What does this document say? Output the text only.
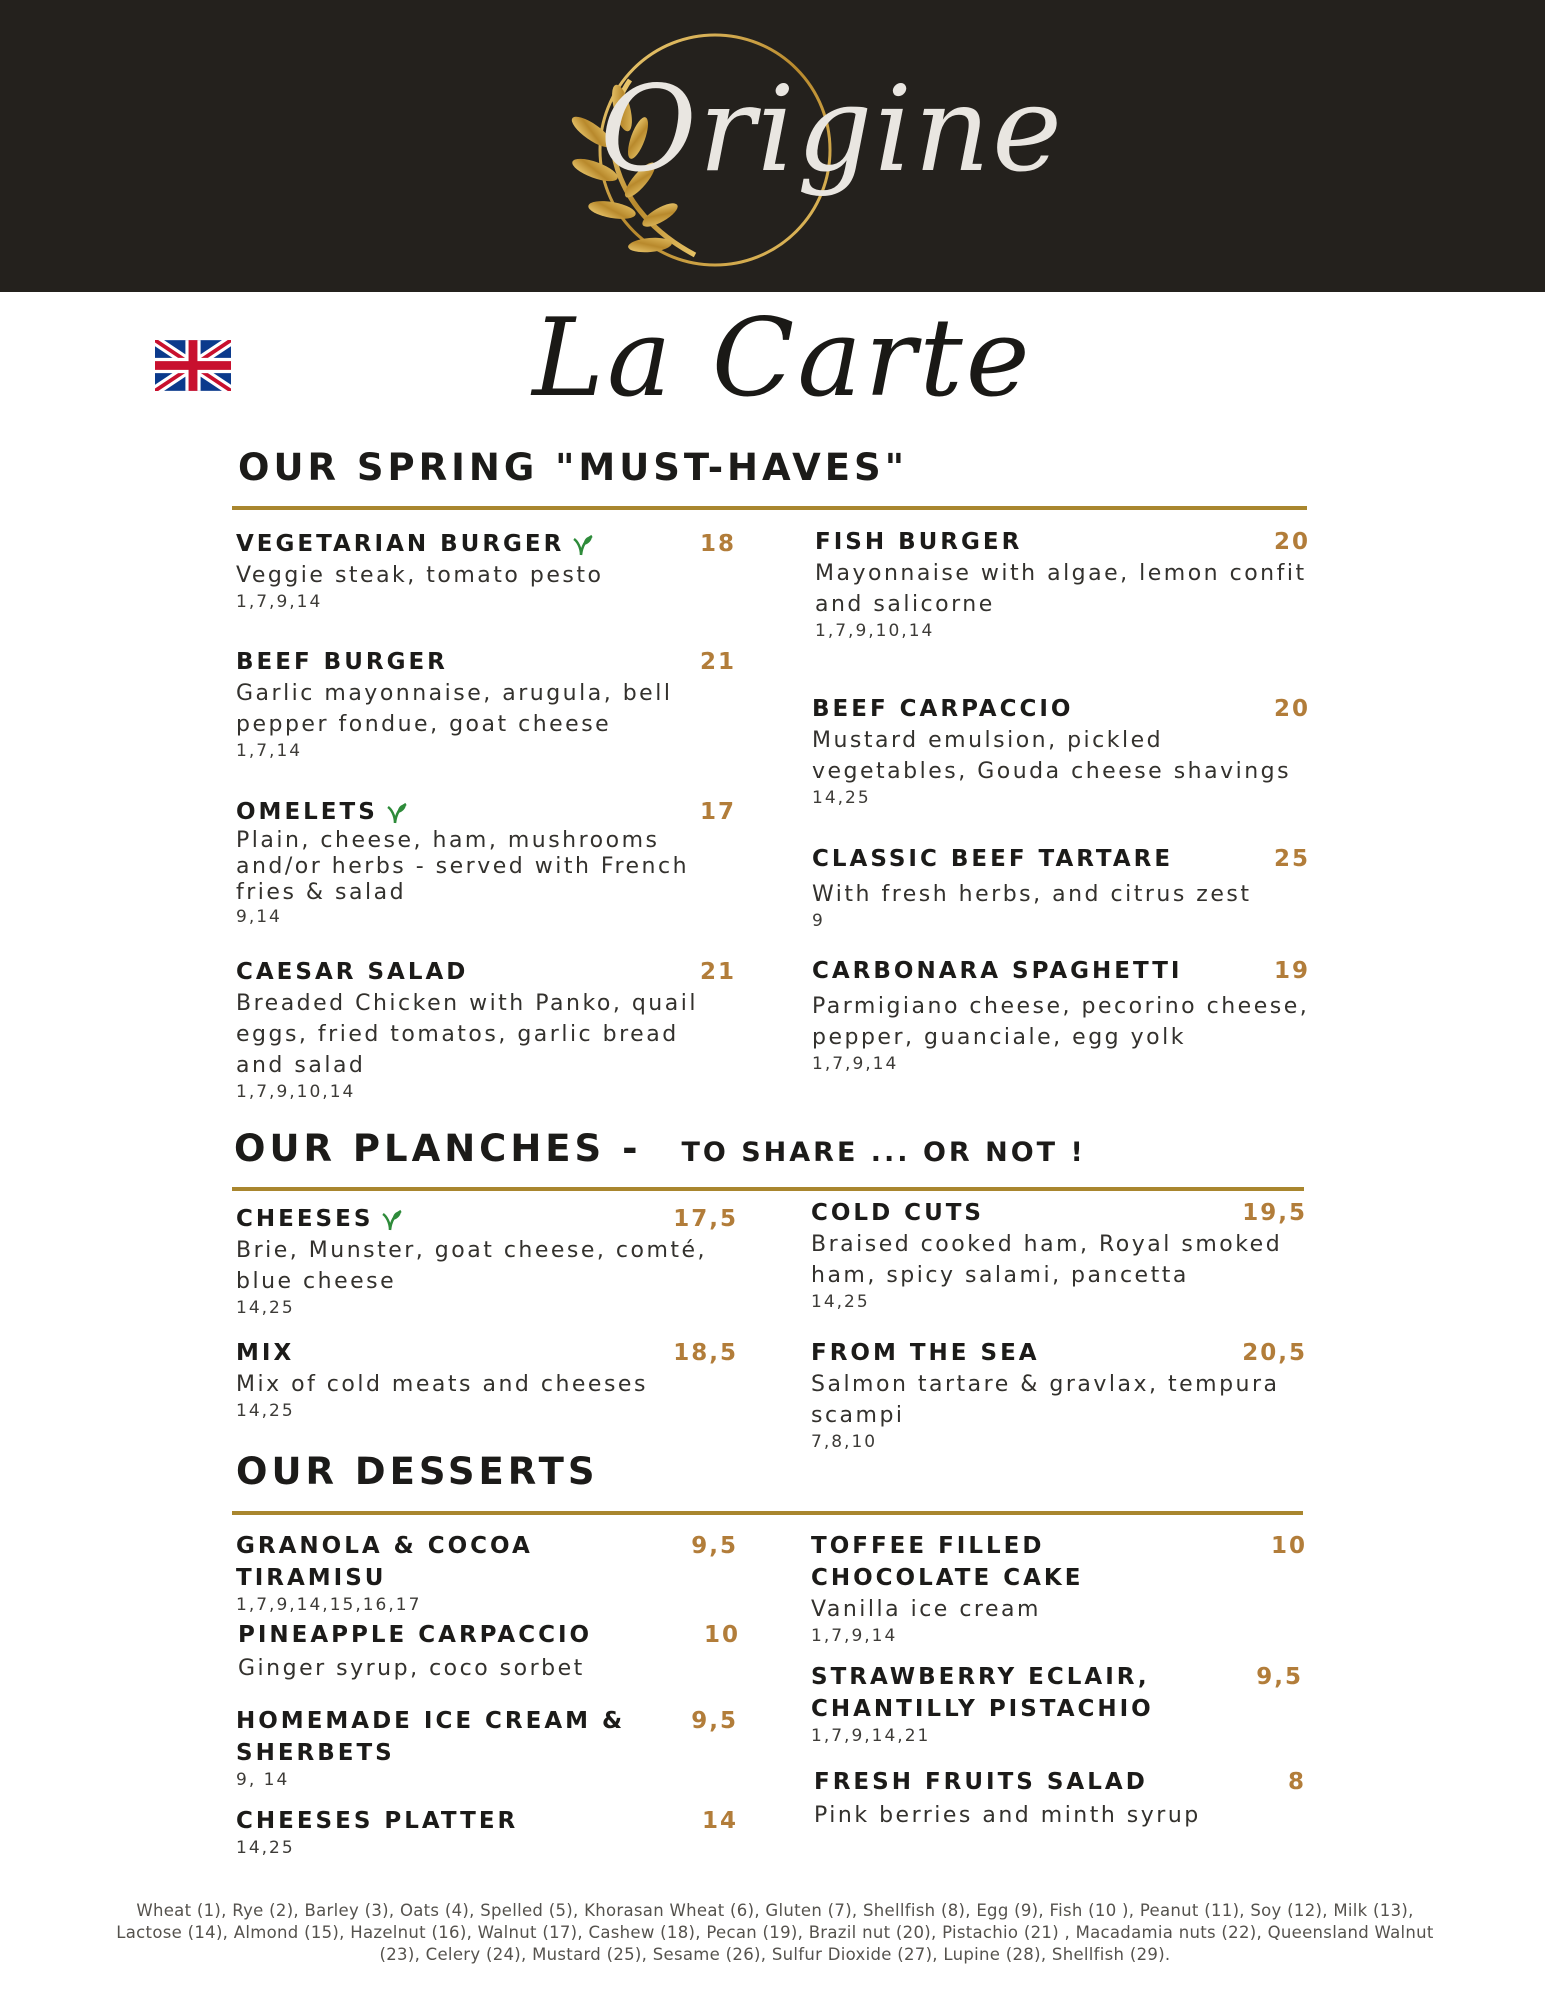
Origine
La Carte
OUR SPRING "MUST-HAVES"
VEGETARIAN BURGER	18
Veggie steak, tomato pesto
1,7,9,14
BEEF BURGER	21
Garlic mayonnaise, arugula, bell pepper fondue, goat cheese
1,7,14
OMELETS	17
Plain, cheese, ham, mushrooms and/or herbs - served with French fries & salad
9,14
CAESAR SALAD	21
Breaded Chicken with Panko, quail eggs, fried tomatos, garlic bread and salad
1,7,9,10,14
FISH BURGER	20
Mayonnaise with algae, lemon confit and salicorne
1,7,9,10,14
BEEF CARPACCIO	20
Mustard emulsion, pickled vegetables, Gouda cheese shavings
14,25
CLASSIC BEEF TARTARE	25
With fresh herbs, and citrus zest
9
CARBONARA SPAGHETTI	19
Parmigiano cheese, pecorino cheese, pepper, guanciale, egg yolk
1,7,9,14
OUR PLANCHES - TO SHARE ... OR NOT !
CHEESES	17,5
Brie, Munster, goat cheese, comté, blue cheese
14,25
MIX	18,5
Mix of cold meats and cheeses
14,25
COLD CUTS	19,5
Braised cooked ham, Royal smoked ham, spicy salami, pancetta
14,25
FROM THE SEA	20,5
Salmon tartare & gravlax, tempura scampi
7,8,10
OUR DESSERTS
GRANOLA & COCOA TIRAMISU
9,5
1,7,9,14,15,16,17
PINEAPPLE CARPACCIO	10
Ginger syrup, coco sorbet
HOMEMADE ICE CREAM & SHERBETS
9,5
9, 14
CHEESES PLATTER	14
14,25
TOFFEE FILLED CHOCOLATE CAKE
10
Vanilla ice cream
1,7,9,14
STRAWBERRY ECLAIR, CHANTILLY PISTACHIO
9,5
1,7,9,14,21
FRESH FRUITS SALAD	8
Pink berries and minth syrup
Wheat (1), Rye (2), Barley (3), Oats (4), Spelled (5), Khorasan Wheat (6), Gluten (7), Shellfish (8), Egg (9), Fish (10 ), Peanut (11), Soy (12), Milk (13), Lactose (14), Almond (15), Hazelnut (16), Walnut (17), Cashew (18), Pecan (19), Brazil nut (20), Pistachio (21) , Macadamia nuts (22), Queensland Walnut (23), Celery (24), Mustard (25), Sesame (26), Sulfur Dioxide (27), Lupine (28), Shellfish (29).
